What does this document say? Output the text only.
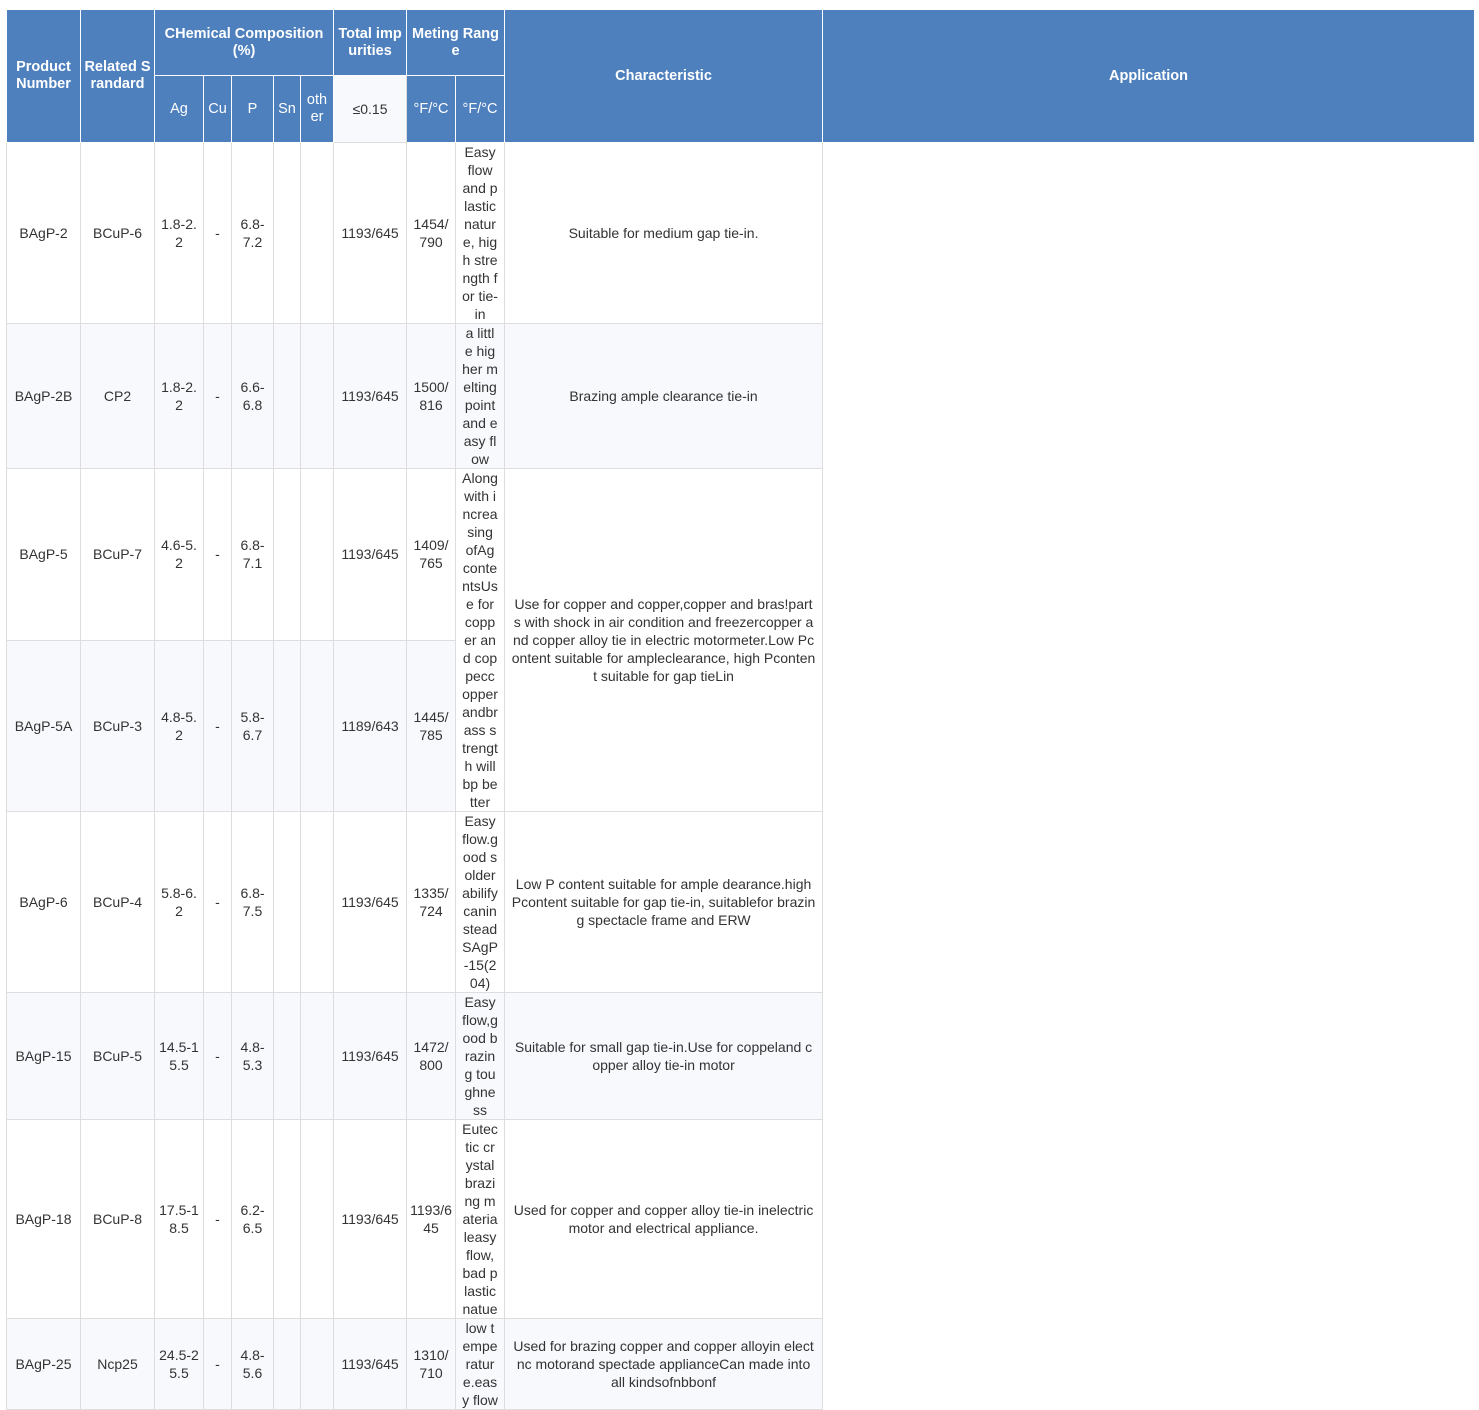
Product Number	Related Srandard	CHemical Composition (%)					Total impurities	Meting Range		Characteristic	Application
		Ag	Cu	P	Sn	other	≤0.15	°F/°C	°F/°C		
BAgP-2	BCuP-6	1.8-2.2	-	6.8-7.2			1193/645	1454/790	Easy flow and plastic nature, high strength for tie-in	Suitable for medium gap tie-in.	
BAgP-2B	CP2	1.8-2.2	-	6.6-6.8			1193/645	1500/816	a little higher melting point and easy flow	Brazing ample clearance tie-in	
BAgP-5	BCuP-7	4.6-5.2	-	6.8-7.1			1193/645	1409/765	Along with increasing ofAg contentsUse for copper and coppeccopperandbrass strength will bp better	Use for copper and copper,copper and bras!parts with shock in air condition and freezercopper and copper alloy tie in electric motormeter.Low Pcontent suitable for ampleclearance, high Pcontent suitable for gap tieLin	
BAgP-5A	BCuP-3	4.8-5.2	-	5.8-6.7			1189/643	1445/785			
BAgP-6	BCuP-4	5.8-6.2	-	6.8-7.5			1193/645	1335/724	Easy flow.good solderabilify caninstead SAgP-15(204)	Low P content suitable for ample dearance.high Pcontent suitable for gap tie-in, suitablefor brazing spectacle frame and ERW	
BAgP-15	BCuP-5	14.5-15.5	-	4.8-5.3			1193/645	1472/800	Easy flow,good brazing toughness	Suitable for small gap tie-in.Use for coppeland copper alloy tie-in motor	
BAgP-18	BCuP-8	17.5-18.5	-	6.2-6.5			1193/645	1193/645	Eutectic crystalbrazing materialeasy flow, bad plastic natue	Used for copper and copper alloy tie-in inelectric motor and electrical appliance.	
BAgP-25	Ncp25	24.5-25.5	-	4.8-5.6			1193/645	1310/710	low temperature.easy flow	Used for brazing copper and copper alloyin electnc motorand spectade applianceCan made into all kindsofnbbonf	
